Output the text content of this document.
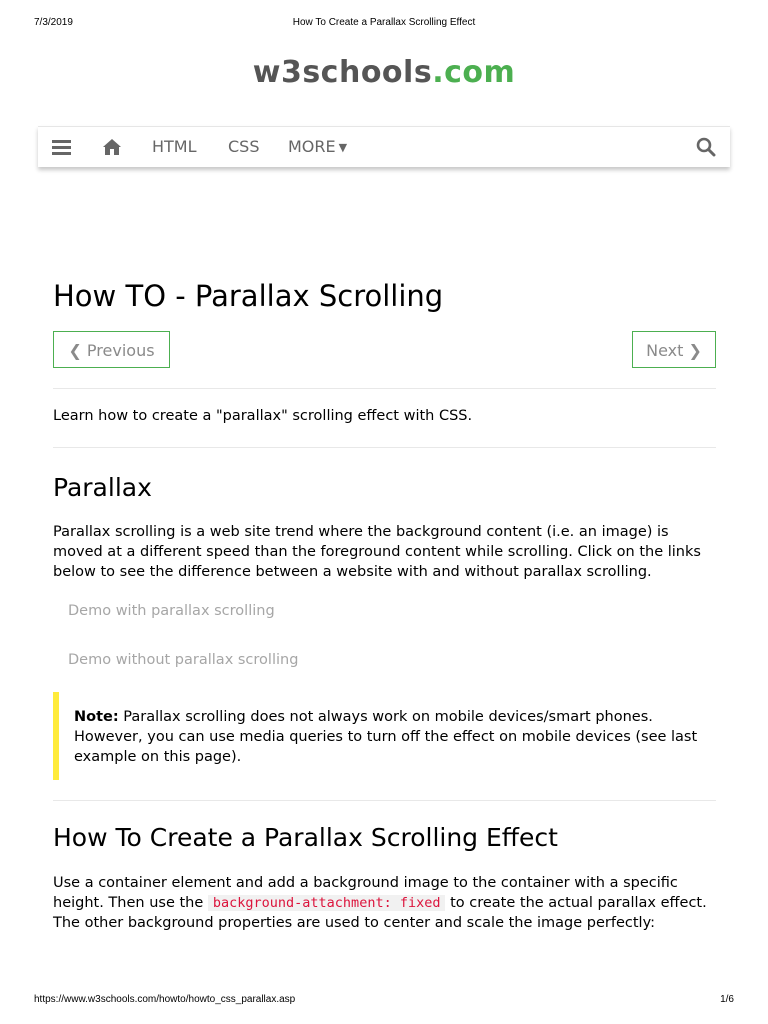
7/3/2019	How To Create a Parallax Scrolling Effect
w3schools.com
HTML CSS MORE ▼
How TO - Parallax Scrolling
❮ Previous	Next ❯
Learn how to create a "parallax" scrolling effect with CSS.
Parallax

Parallax scrolling is a web site trend where the background content (i.e. an image) is moved at a different speed than the foreground content while scrolling. Click on the links below to see the difference between a website with and without parallax scrolling.

Demo with parallax scrolling
Demo without parallax scrolling
Note: Parallax scrolling does not always work on mobile devices/smart phones. However, you can use media queries to turn off the effect on mobile devices (see last example on this page).
How To Create a Parallax Scrolling Effect

Use a container element and add a background image to the container with a specific height. Then use the background-attachment: fixed to create the actual parallax effect. The other background properties are used to center and scale the image perfectly:

https://www.w3schools.com/howto/howto_css_parallax.asp	1/6
